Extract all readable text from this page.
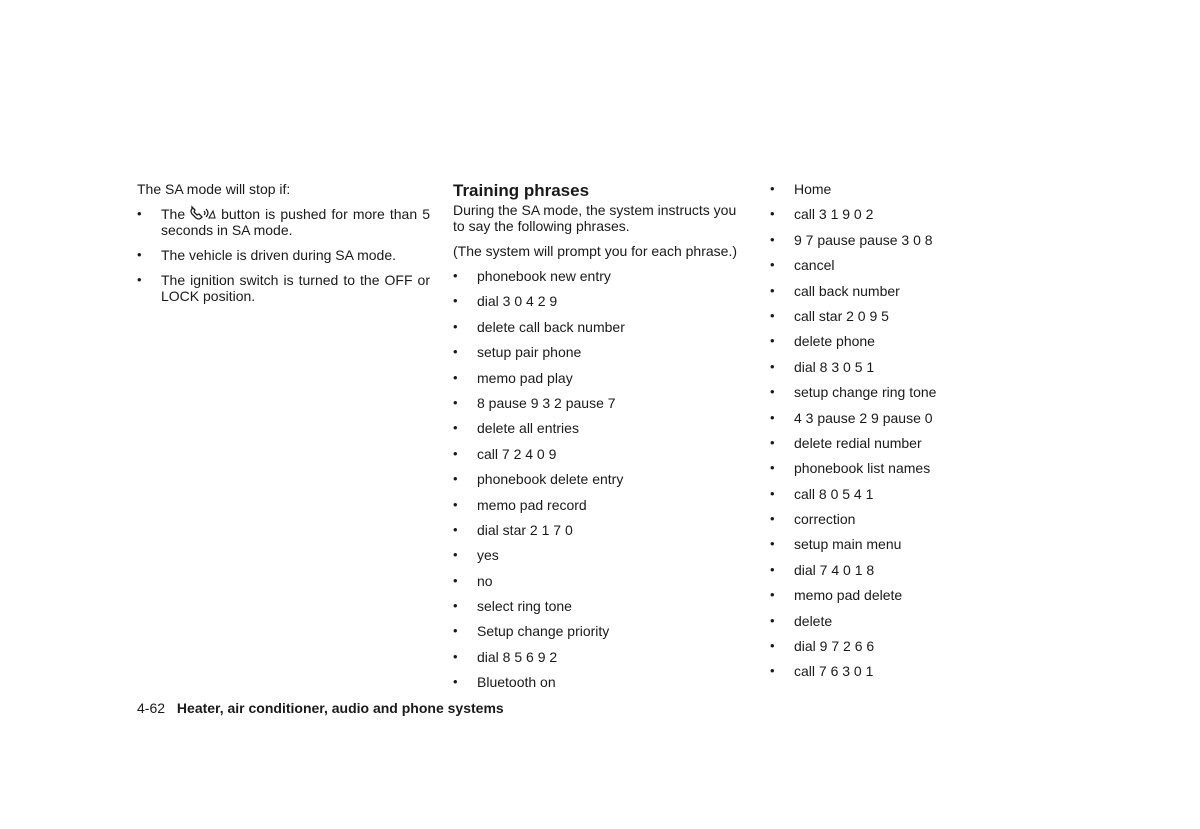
The SA mode will stop if:

• The	button is pushed for more than 5 seconds in SA mode.
• The vehicle is driven during SA mode.
• The ignition switch is turned to the OFF or LOCK position.
Training phrases

During the SA mode, the system instructs you to say the following phrases.

(The system will prompt you for each phrase.)

• phonebook new entry
• dial 3 0 4 2 9
• delete call back number
• setup pair phone
• memo pad play
• 8 pause 9 3 2 pause 7
• delete all entries
• call 7 2 4 0 9
• phonebook delete entry
• memo pad record
• dial star 2 1 7 0
• yes
• no
• select ring tone
• Setup change priority
• dial 8 5 6 9 2
• Bluetooth on
• Home
• call 3 1 9 0 2
• 9 7 pause pause 3 0 8
• cancel
• call back number
• call star 2 0 9 5
• delete phone
• dial 8 3 0 5 1
• setup change ring tone
• 4 3 pause 2 9 pause 0
• delete redial number
• phonebook list names
• call 8 0 5 4 1
• correction
• setup main menu
• dial 7 4 0 1 8
• memo pad delete
• delete
• dial 9 7 2 6 6
• call 7 6 3 0 1
4-62 Heater, air conditioner, audio and phone systems
